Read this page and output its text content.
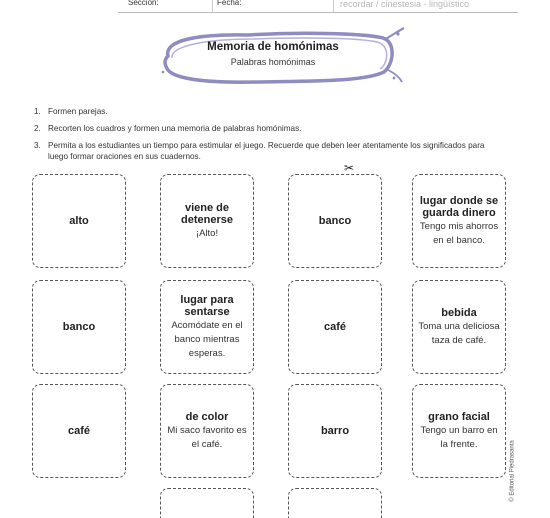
Sección:	Fecha:	recordar / cinestesia - lingüístico
Memoria de homónimas
Palabras homónimas
1. Formen parejas.
2. Recorten los cuadros y formen una memoria de palabras homónimas.
3. Permita a los estudiantes un tiempo para estimular el juego. Recuerde que deben leer atentamente los significados para luego formar oraciones en sus cuadernos.
✂
alto
viene de detenerse
¡Alto!
banco
lugar donde se guarda dinero
Tengo mis ahorros en el banco.
banco
lugar para sentarse
Acomódate en el banco mientras esperas.
café
bebida
Toma una deliciosa taza de café.
café
de color
Mi saco favorito es el café.
barro
grano facial
Tengo un barro en la frente.	© Editorial Piedrasanta
